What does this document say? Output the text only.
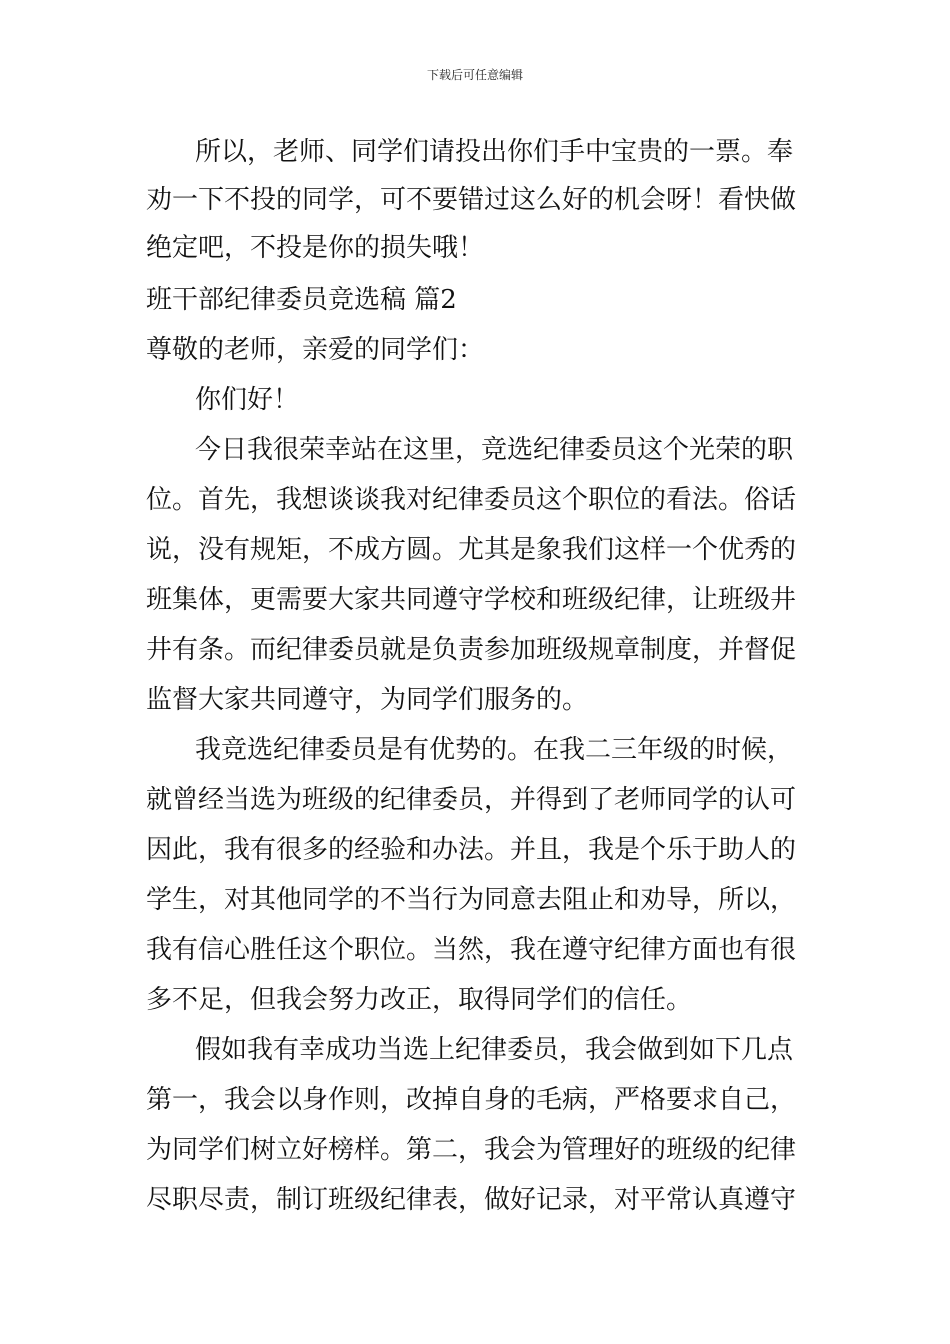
下载后可任意编辑
所以，老师、同学们请投出你们手中宝贵的一票。奉
劝一下不投的同学，可不要错过这么好的机会呀！看快做
绝定吧，不投是你的损失哦！
班干部纪律委员竞选稿 篇2
尊敬的老师，亲爱的同学们：
你们好！
今日我很荣幸站在这里，竞选纪律委员这个光荣的职
位。首先，我想谈谈我对纪律委员这个职位的看法。俗话
说，没有规矩，不成方圆。尤其是象我们这样一个优秀的
班集体，更需要大家共同遵守学校和班级纪律，让班级井
井有条。而纪律委员就是负责参加班级规章制度，并督促
监督大家共同遵守，为同学们服务的。
我竞选纪律委员是有优势的。在我二三年级的时候，
就曾经当选为班级的纪律委员，并得到了老师同学的认可
因此，我有很多的经验和办法。并且，我是个乐于助人的
学生，对其他同学的不当行为同意去阻止和劝导，所以，
我有信心胜任这个职位。当然，我在遵守纪律方面也有很
多不足，但我会努力改正，取得同学们的信任。
假如我有幸成功当选上纪律委员，我会做到如下几点
第一，我会以身作则，改掉自身的毛病，严格要求自己，
为同学们树立好榜样。第二，我会为管理好的班级的纪律
尽职尽责，制订班级纪律表，做好记录，对平常认真遵守
